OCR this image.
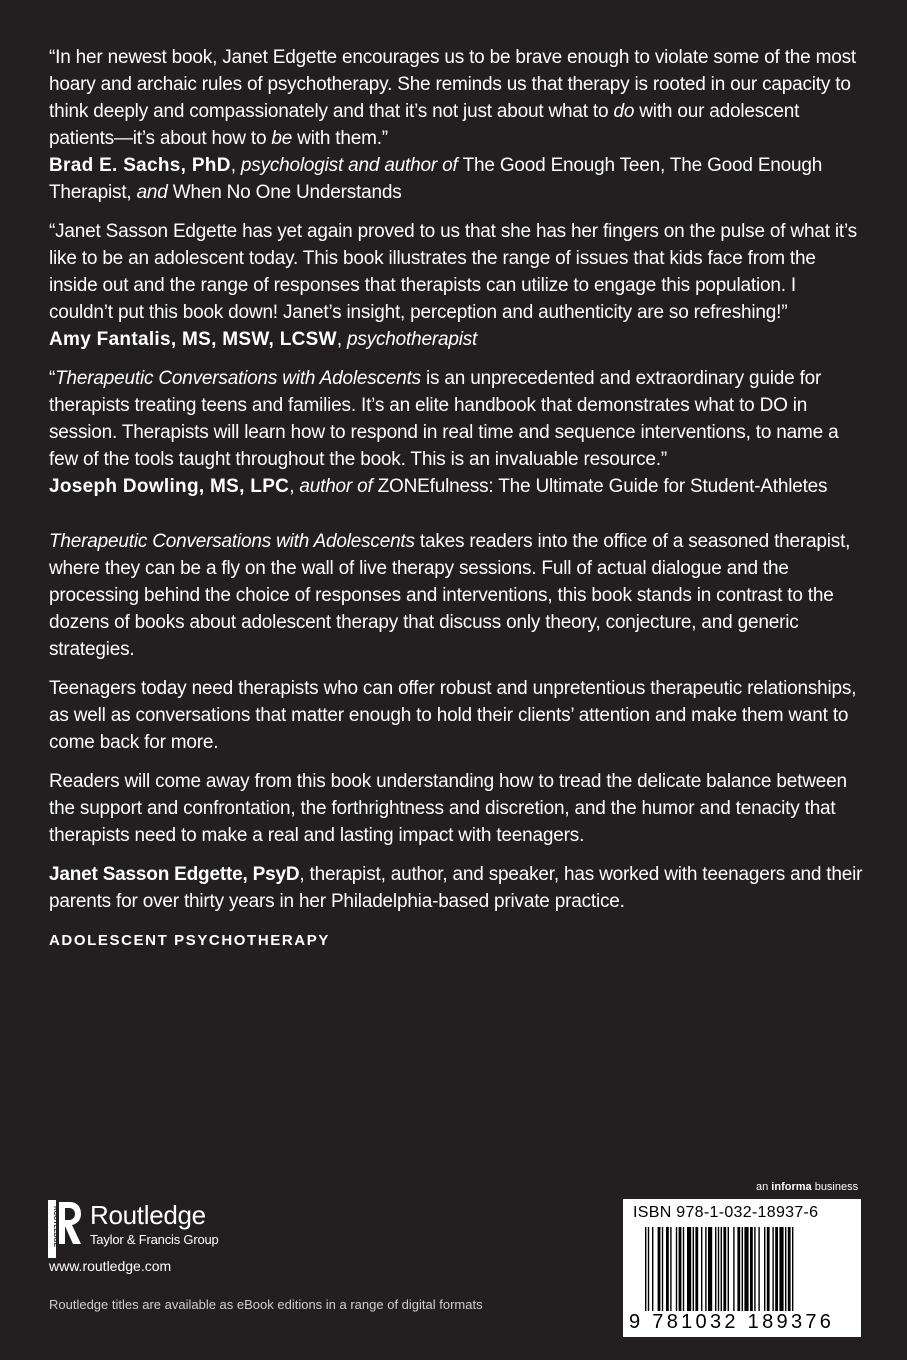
“In her newest book, Janet Edgette encourages us to be brave enough to violate some of the most hoary and archaic rules of psychotherapy. She reminds us that therapy is rooted in our capacity to think deeply and compassionately and that it’s not just about what to do with our adolescent patients—it’s about how to be with them.”

Brad E. Sachs, PhD, psychologist and author of The Good Enough Teen, The Good Enough Therapist, and When No One Understands

“Janet Sasson Edgette has yet again proved to us that she has her fingers on the pulse of what it’s like to be an adolescent today. This book illustrates the range of issues that kids face from the inside out and the range of responses that therapists can utilize to engage this population. I couldn’t put this book down! Janet’s insight, perception and authenticity are so refreshing!”

Amy Fantalis, MS, MSW, LCSW, psychotherapist

“Therapeutic Conversations with Adolescents is an unprecedented and extraordinary guide for therapists treating teens and families. It’s an elite handbook that demonstrates what to DO in session. Therapists will learn how to respond in real time and sequence interventions, to name a few of the tools taught throughout the book. This is an invaluable resource.”

Joseph Dowling, MS, LPC, author of ZONEfulness: The Ultimate Guide for Student-Athletes

Therapeutic Conversations with Adolescents takes readers into the office of a seasoned therapist, where they can be a fly on the wall of live therapy sessions. Full of actual dialogue and the processing behind the choice of responses and interventions, this book stands in contrast to the dozens of books about adolescent therapy that discuss only theory, conjecture, and generic strategies.

Teenagers today need therapists who can offer robust and unpretentious therapeutic relationships, as well as conversations that matter enough to hold their clients’ attention and make them want to come back for more.

Readers will come away from this book understanding how to tread the delicate balance between the support and confrontation, the forthrightness and discretion, and the humor and tenacity that therapists need to make a real and lasting impact with teenagers.

Janet Sasson Edgette, PsyD, therapist, author, and speaker, has worked with teenagers and their parents for over thirty years in her Philadelphia-based private practice.

ADOLESCENT PSYCHOTHERAPY
an informa business
ROUTLEDGE Routledge
Taylor & Francis Group
www.routledge.com
Routledge titles are available as eBook editions in a range of digital formats
ISBN 978-1-032-18937-6
9 781032 189376
